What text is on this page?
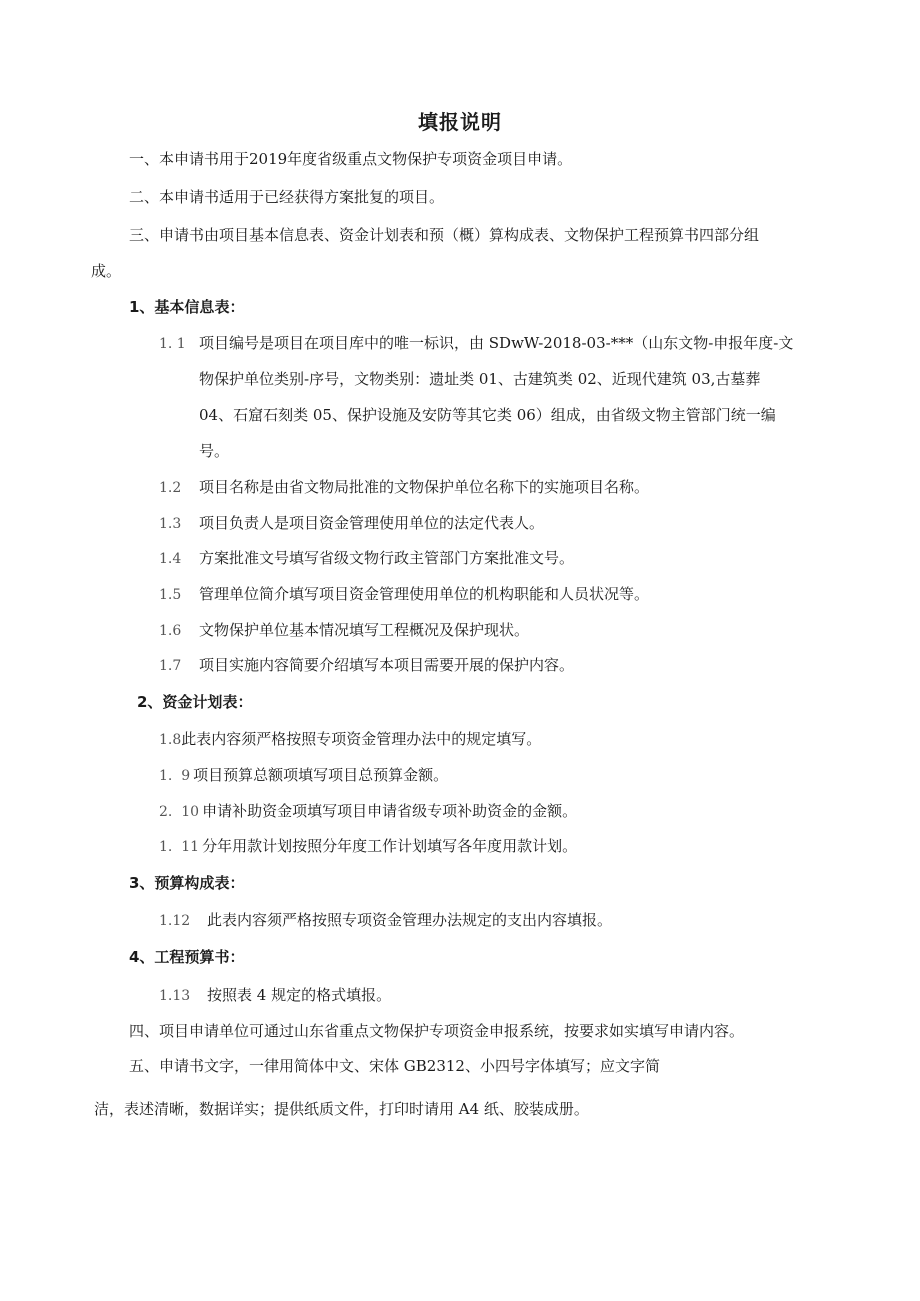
填报说明
一、本申请书用于2019年度省级重点文物保护专项资金项目申请。
二、本申请书适用于已经获得方案批复的项目。
三、申请书由项目基本信息表、资金计划表和预（概）算构成表、文物保护工程预算书四部分组
成。
1、基本信息表：
1. 1 项目编号是项目在项目库中的唯一标识，由 SDwW-2018-03-***（山东文物-申报年度-文
物保护单位类别-序号，文物类别：遗址类 01、古建筑类 02、近现代建筑 03,古墓葬
04、石窟石刻类 05、保护设施及安防等其它类 06）组成，由省级文物主管部门统一编
号。
1.2 项目名称是由省文物局批准的文物保护单位名称下的实施项目名称。
1.3 项目负责人是项目资金管理使用单位的法定代表人。
1.4 方案批准文号填写省级文物行政主管部门方案批准文号。
1.5 管理单位简介填写项目资金管理使用单位的机构职能和人员状况等。
1.6 文物保护单位基本情况填写工程概况及保护现状。
1.7 项目实施内容简要介绍填写本项目需要开展的保护内容。
2、资金计划表：
1.8此表内容须严格按照专项资金管理办法中的规定填写。
1.  9 项目预算总额项填写项目总预算金额。
2.  10 申请补助资金项填写项目申请省级专项补助资金的金额。
1.  11 分年用款计划按照分年度工作计划填写各年度用款计划。
3、预算构成表：
1.12 此表内容须严格按照专项资金管理办法规定的支出内容填报。
4、工程预算书：
1.13 按照表 4 规定的格式填报。
四、项目申请单位可通过山东省重点文物保护专项资金申报系统，按要求如实填写申请内容。
五、申请书文字，一律用简体中文、宋体 GB2312、小四号字体填写；应文字简
洁，表述清晰，数据详实；提供纸质文件，打印时请用 A4 纸、胶装成册。
